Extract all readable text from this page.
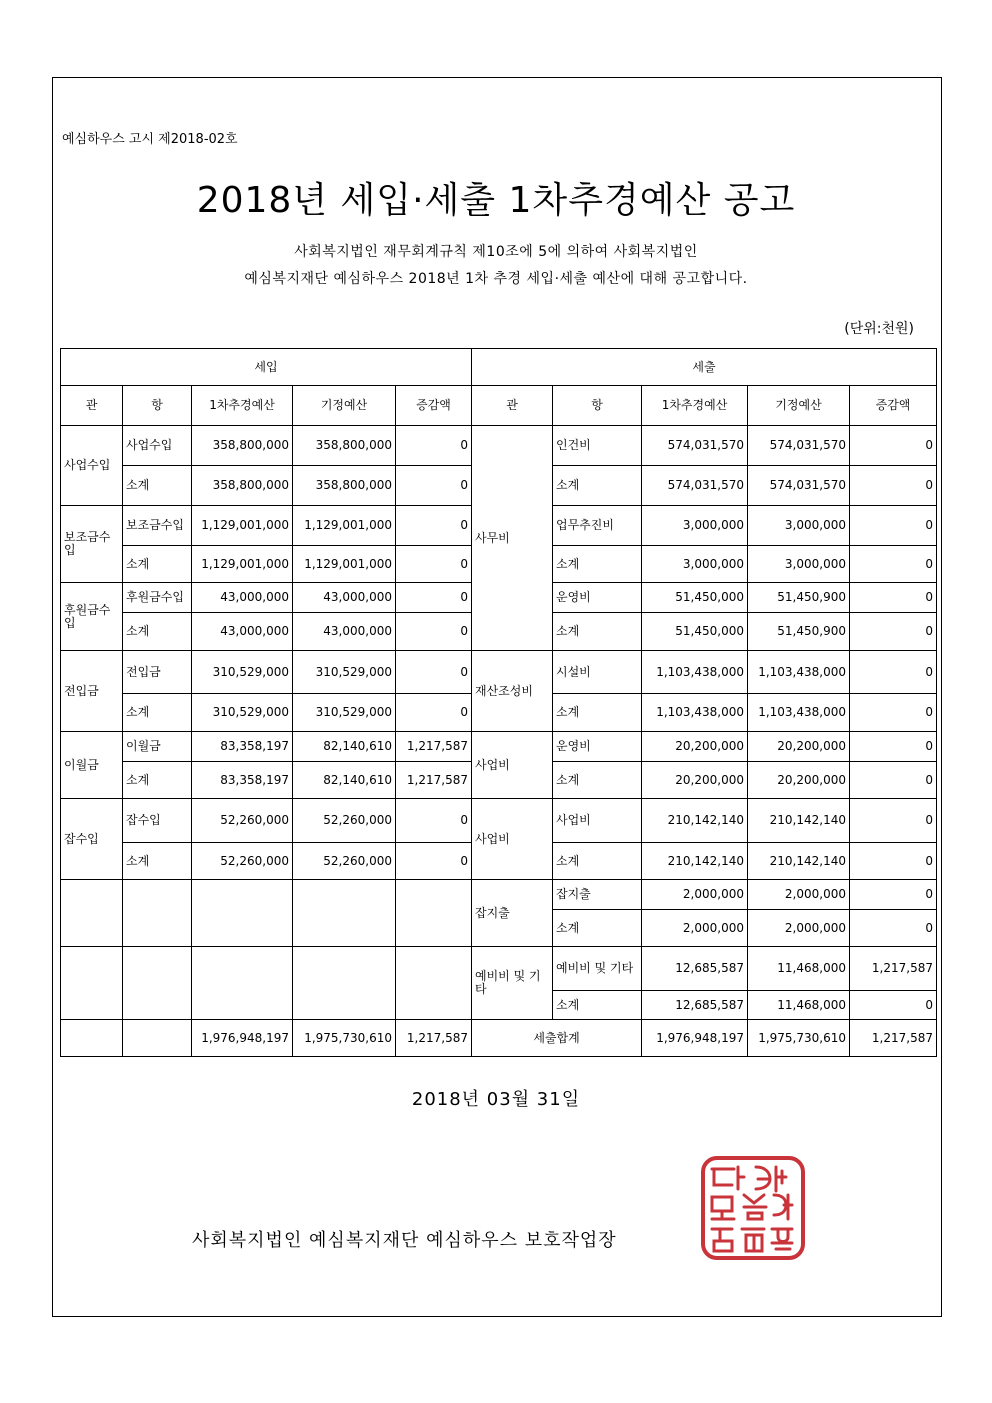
예심하우스 고시 제2018-02호
2018년 세입·세출 1차추경예산 공고
사회복지법인 재무회계규칙 제10조에 5에 의하여 사회복지법인
예심복지재단 예심하우스 2018년 1차 추경 세입·세출 예산에 대해 공고합니다.
(단위:천원)
세입					세출				
관	항	1차추경예산	기정예산	증감액	관	항	1차추경예산	기정예산	증감액
사업수입	사업수입	358,800,000	358,800,000	0	사무비	인건비	574,031,570	574,031,570	0
	소계	358,800,000	358,800,000	0		소계	574,031,570	574,031,570	0
보조금수입	보조금수입	1,129,001,000	1,129,001,000	0		업무추진비	3,000,000	3,000,000	0
	소계	1,129,001,000	1,129,001,000	0		소계	3,000,000	3,000,000	0
후원금수입	후원금수입	43,000,000	43,000,000	0		운영비	51,450,000	51,450,900	0
	소계	43,000,000	43,000,000	0		소계	51,450,000	51,450,900	0
전입금	전입금	310,529,000	310,529,000	0	재산조성비	시설비	1,103,438,000	1,103,438,000	0
	소계	310,529,000	310,529,000	0		소계	1,103,438,000	1,103,438,000	0
이월금	이월금	83,358,197	82,140,610	1,217,587	사업비	운영비	20,200,000	20,200,000	0
	소계	83,358,197	82,140,610	1,217,587		소계	20,200,000	20,200,000	0
잡수입	잡수입	52,260,000	52,260,000	0	사업비	사업비	210,142,140	210,142,140	0
	소계	52,260,000	52,260,000	0		소계	210,142,140	210,142,140	0
					잡지출	잡지출	2,000,000	2,000,000	0
						소계	2,000,000	2,000,000	0
					예비비 및 기타	예비비 및 기타	12,685,587	11,468,000	1,217,587
						소계	12,685,587	11,468,000	0
		1,976,948,197	1,975,730,610	1,217,587	세출합계		1,976,948,197	1,975,730,610	1,217,587
2018년 03월 31일
사회복지법인 예심복지재단 예심하우스 보호작업장
